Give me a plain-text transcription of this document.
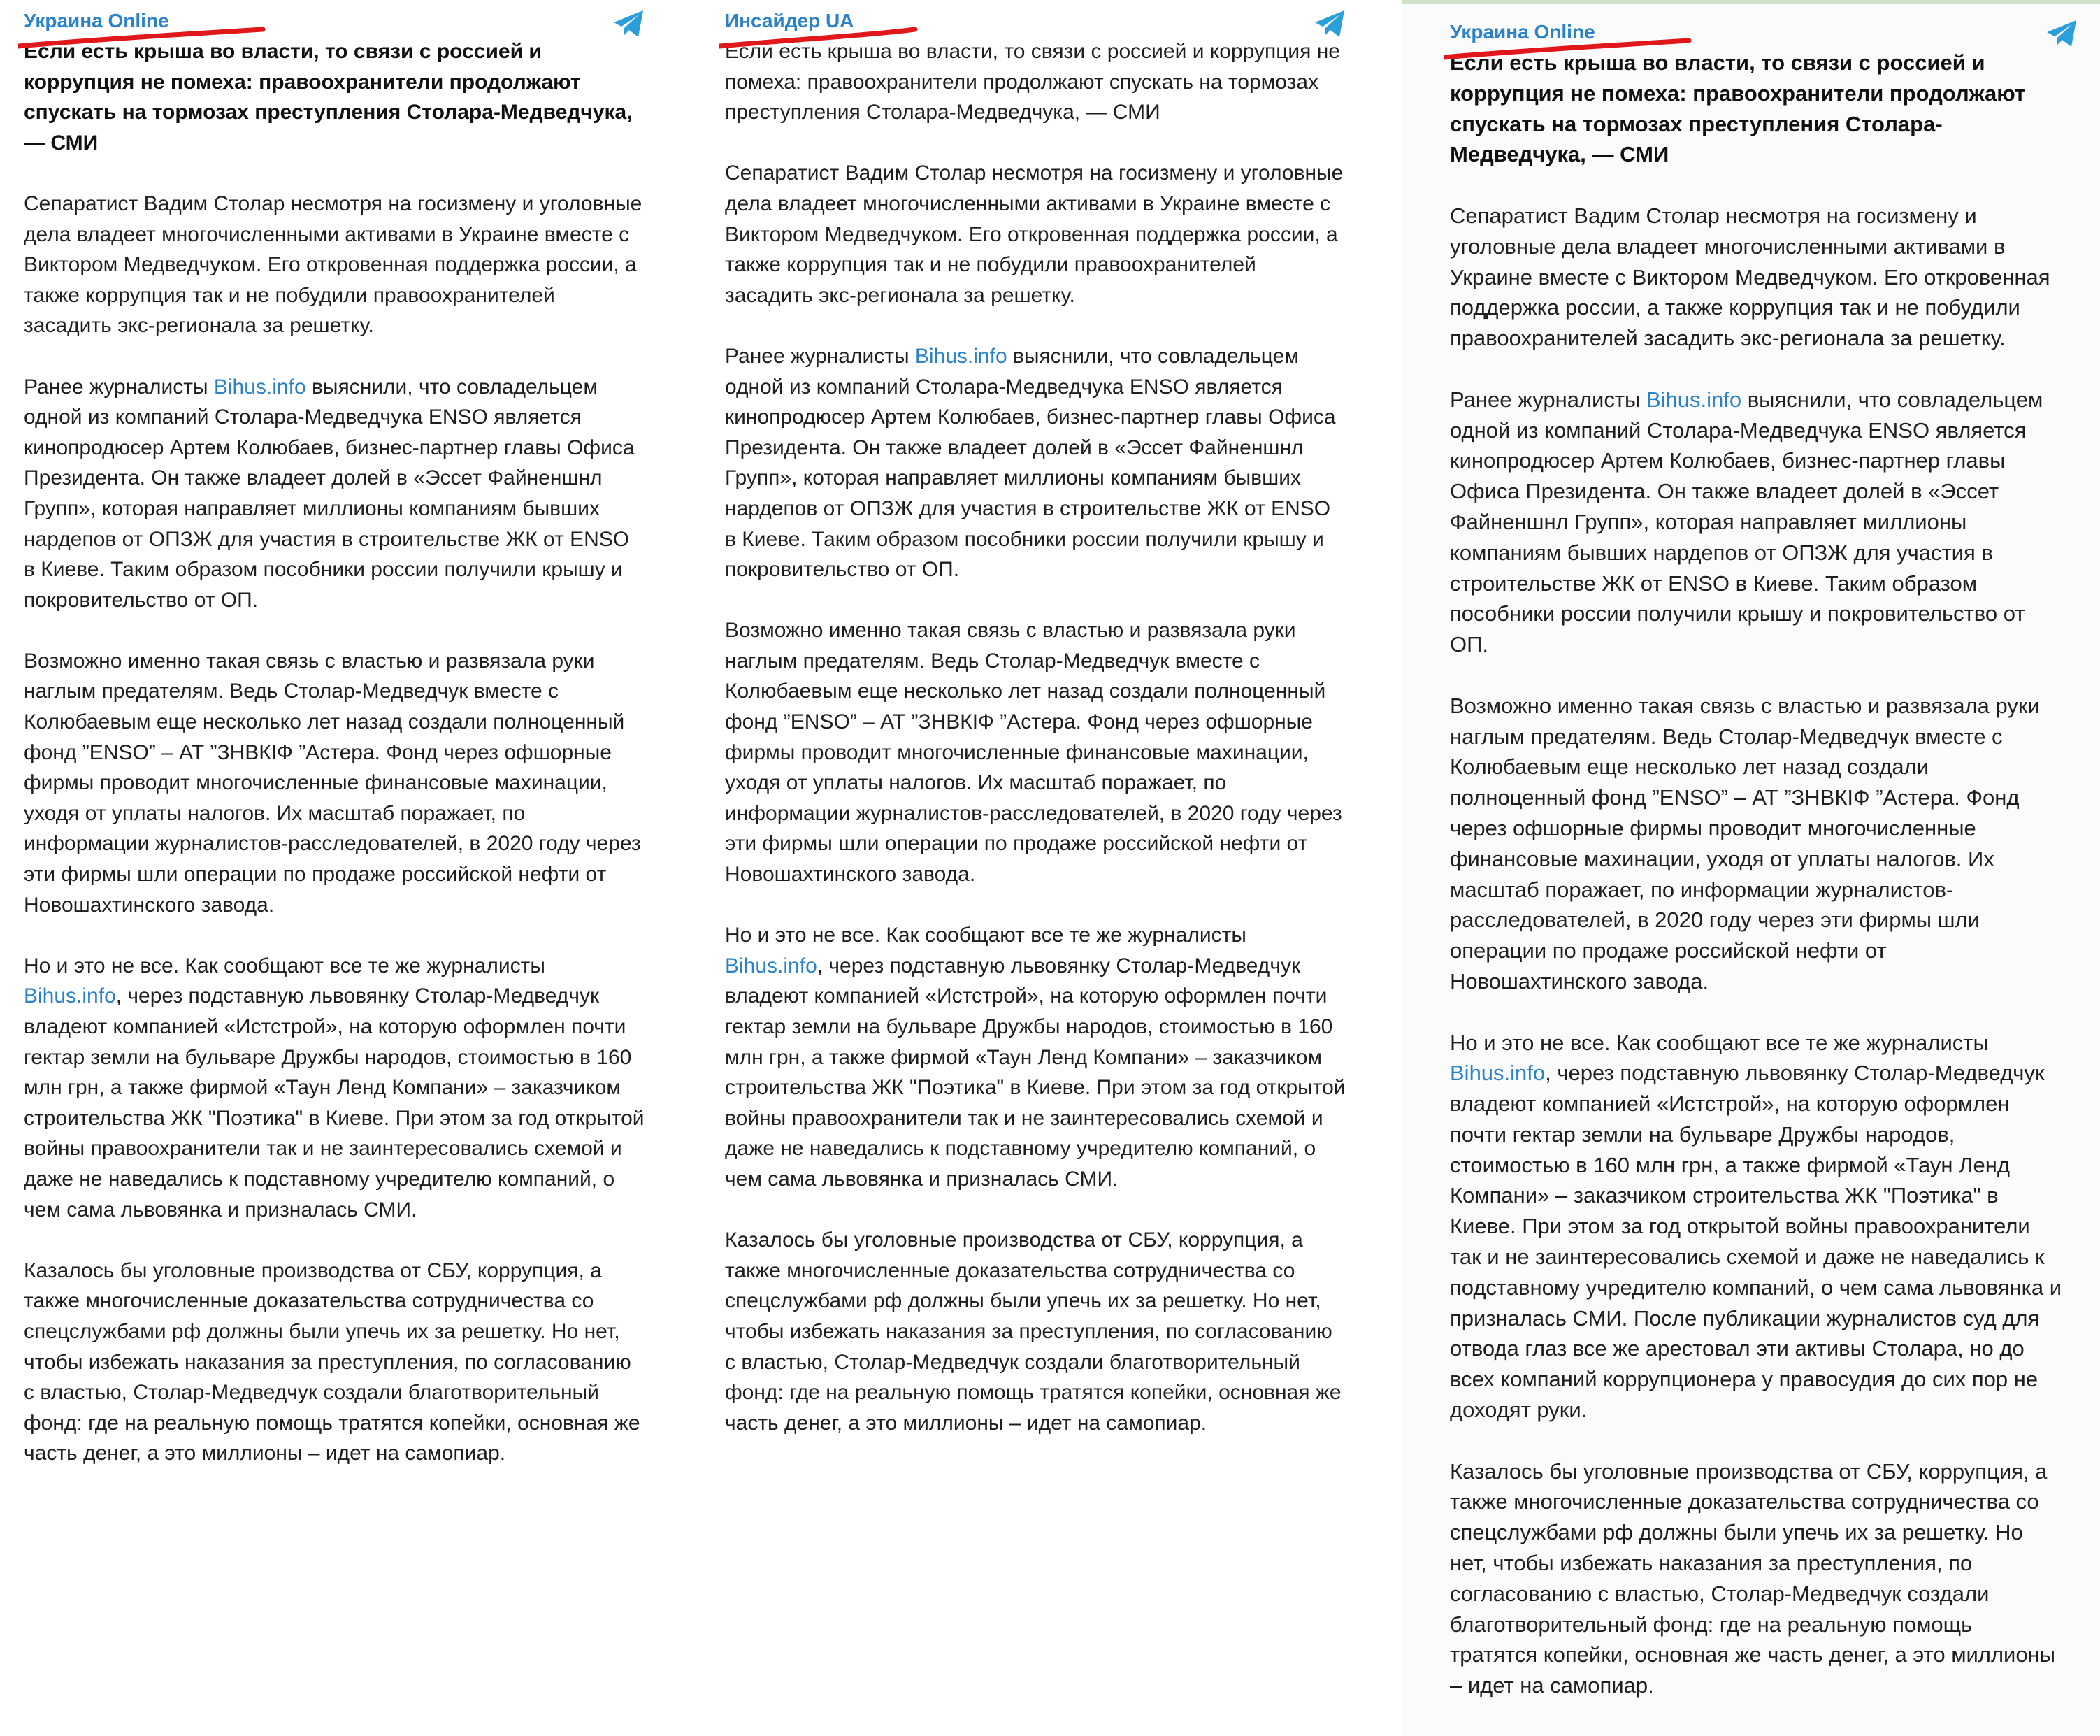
Украина Online

Если есть крыша во власти, то связи с россией и коррупция не помеха: правоохранители продолжают спускать на тормозах преступления Столара-Медведчука, — СМИ

Сепаратист Вадим Столар несмотря на госизмену и уголовные дела владеет многочисленными активами в Украине вместе с Виктором Медведчуком. Его откровенная поддержка россии, а также коррупция так и не побудили правоохранителей засадить экс-регионала за решетку.

Ранее журналисты Bihus.info выяснили, что совладельцем одной из компаний Столара-Медведчука ENSO является кинопродюсер Артем Колюбаев, бизнес-партнер главы Офиса Президента. Он также владеет долей в «Эссет Файненшнл Групп», которая направляет миллионы компаниям бывших нардепов от ОПЗЖ для участия в строительстве ЖК от ENSO в Киеве. Таким образом пособники россии получили крышу и покровительство от ОП.

Возможно именно такая связь с властью и развязала руки наглым предателям. Ведь Столар-Медведчук вместе с Колюбаевым еще несколько лет назад создали полноценный фонд ”ENSO” – АТ ”ЗНВКІФ ”Астера. Фонд через офшорные фирмы проводит многочисленные финансовые махинации, уходя от уплаты налогов. Их масштаб поражает, по информации журналистов-расследователей, в 2020 году через эти фирмы шли операции по продаже российской нефти от Новошахтинского завода.

Но и это не все. Как сообщают все те же журналисты Bihus.info, через подставную львовянку Столар-Медведчук владеют компанией «Истстрой», на которую оформлен почти гектар земли на бульваре Дружбы народов, стоимостью в 160 млн грн, а также фирмой «Таун Ленд Компани» – заказчиком строительства ЖК "Поэтика" в Киеве. При этом за год открытой войны правоохранители так и не заинтересовались схемой и даже не наведались к подставному учредителю компаний, о чем сама львовянка и призналась СМИ.

Казалось бы уголовные производства от СБУ, коррупция, а также многочисленные доказательства сотрудничества со спецслужбами рф должны были упечь их за решетку. Но нет, чтобы избежать наказания за преступления, по согласованию с властью, Столар-Медведчук создали благотворительный фонд: где на реальную помощь тратятся копейки, основная же часть денег, а это миллионы – идет на самопиар.

Инсайдер UA

Если есть крыша во власти, то связи с россией и коррупция не помеха: правоохранители продолжают спускать на тормозах преступления Столара-Медведчука, — СМИ

Сепаратист Вадим Столар несмотря на госизмену и уголовные дела владеет многочисленными активами в Украине вместе с Виктором Медведчуком. Его откровенная поддержка россии, а также коррупция так и не побудили правоохранителей засадить экс-регионала за решетку.

Ранее журналисты Bihus.info выяснили, что совладельцем одной из компаний Столара-Медведчука ENSO является кинопродюсер Артем Колюбаев, бизнес-партнер главы Офиса Президента. Он также владеет долей в «Эссет Файненшнл Групп», которая направляет миллионы компаниям бывших нардепов от ОПЗЖ для участия в строительстве ЖК от ENSO в Киеве. Таким образом пособники россии получили крышу и покровительство от ОП.

Возможно именно такая связь с властью и развязала руки наглым предателям. Ведь Столар-Медведчук вместе с Колюбаевым еще несколько лет назад создали полноценный фонд ”ENSO” – АТ ”ЗНВКІФ ”Астера. Фонд через офшорные фирмы проводит многочисленные финансовые махинации, уходя от уплаты налогов. Их масштаб поражает, по информации журналистов-расследователей, в 2020 году через эти фирмы шли операции по продаже российской нефти от Новошахтинского завода.

Но и это не все. Как сообщают все те же журналисты Bihus.info, через подставную львовянку Столар-Медведчук владеют компанией «Истстрой», на которую оформлен почти гектар земли на бульваре Дружбы народов, стоимостью в 160 млн грн, а также фирмой «Таун Ленд Компани» – заказчиком строительства ЖК "Поэтика" в Киеве. При этом за год открытой войны правоохранители так и не заинтересовались схемой и даже не наведались к подставному учредителю компаний, о чем сама львовянка и призналась СМИ.

Казалось бы уголовные производства от СБУ, коррупция, а также многочисленные доказательства сотрудничества со спецслужбами рф должны были упечь их за решетку. Но нет, чтобы избежать наказания за преступления, по согласованию с властью, Столар-Медведчук создали благотворительный фонд: где на реальную помощь тратятся копейки, основная же часть денег, а это миллионы – идет на самопиар.

Украина Online

Если есть крыша во власти, то связи с россией и коррупция не помеха: правоохранители продолжают спускать на тормозах преступления Столара-Медведчука, — СМИ

Сепаратист Вадим Столар несмотря на госизмену и уголовные дела владеет многочисленными активами в Украине вместе с Виктором Медведчуком. Его откровенная поддержка россии, а также коррупция так и не побудили правоохранителей засадить экс-регионала за решетку.

Ранее журналисты Bihus.info выяснили, что совладельцем одной из компаний Столара-Медведчука ENSO является кинопродюсер Артем Колюбаев, бизнес-партнер главы Офиса Президента. Он также владеет долей в «Эссет Файненшнл Групп», которая направляет миллионы компаниям бывших нардепов от ОПЗЖ для участия в строительстве ЖК от ENSO в Киеве. Таким образом пособники россии получили крышу и покровительство от ОП.

Возможно именно такая связь с властью и развязала руки наглым предателям. Ведь Столар-Медведчук вместе с Колюбаевым еще несколько лет назад создали полноценный фонд ”ENSO” – АТ ”ЗНВКІФ ”Астера. Фонд через офшорные фирмы проводит многочисленные финансовые махинации, уходя от уплаты налогов. Их масштаб поражает, по информации журналистов-расследователей, в 2020 году через эти фирмы шли операции по продаже российской нефти от Новошахтинского завода.

Но и это не все. Как сообщают все те же журналисты Bihus.info, через подставную львовянку Столар-Медведчук владеют компанией «Истстрой», на которую оформлен почти гектар земли на бульваре Дружбы народов, стоимостью в 160 млн грн, а также фирмой «Таун Ленд Компани» – заказчиком строительства ЖК "Поэтика" в Киеве. При этом за год открытой войны правоохранители так и не заинтересовались схемой и даже не наведались к подставному учредителю компаний, о чем сама львовянка и призналась СМИ. После публикации журналистов суд для отвода глаз все же арестовал эти активы Столара, но до всех компаний коррупционера у правосудия до сих пор не доходят руки.

Казалось бы уголовные производства от СБУ, коррупция, а также многочисленные доказательства сотрудничества со спецслужбами рф должны были упечь их за решетку. Но нет, чтобы избежать наказания за преступления, по согласованию с властью, Столар-Медведчук создали благотворительный фонд: где на реальную помощь тратятся копейки, основная же часть денег, а это миллионы – идет на самопиар.
